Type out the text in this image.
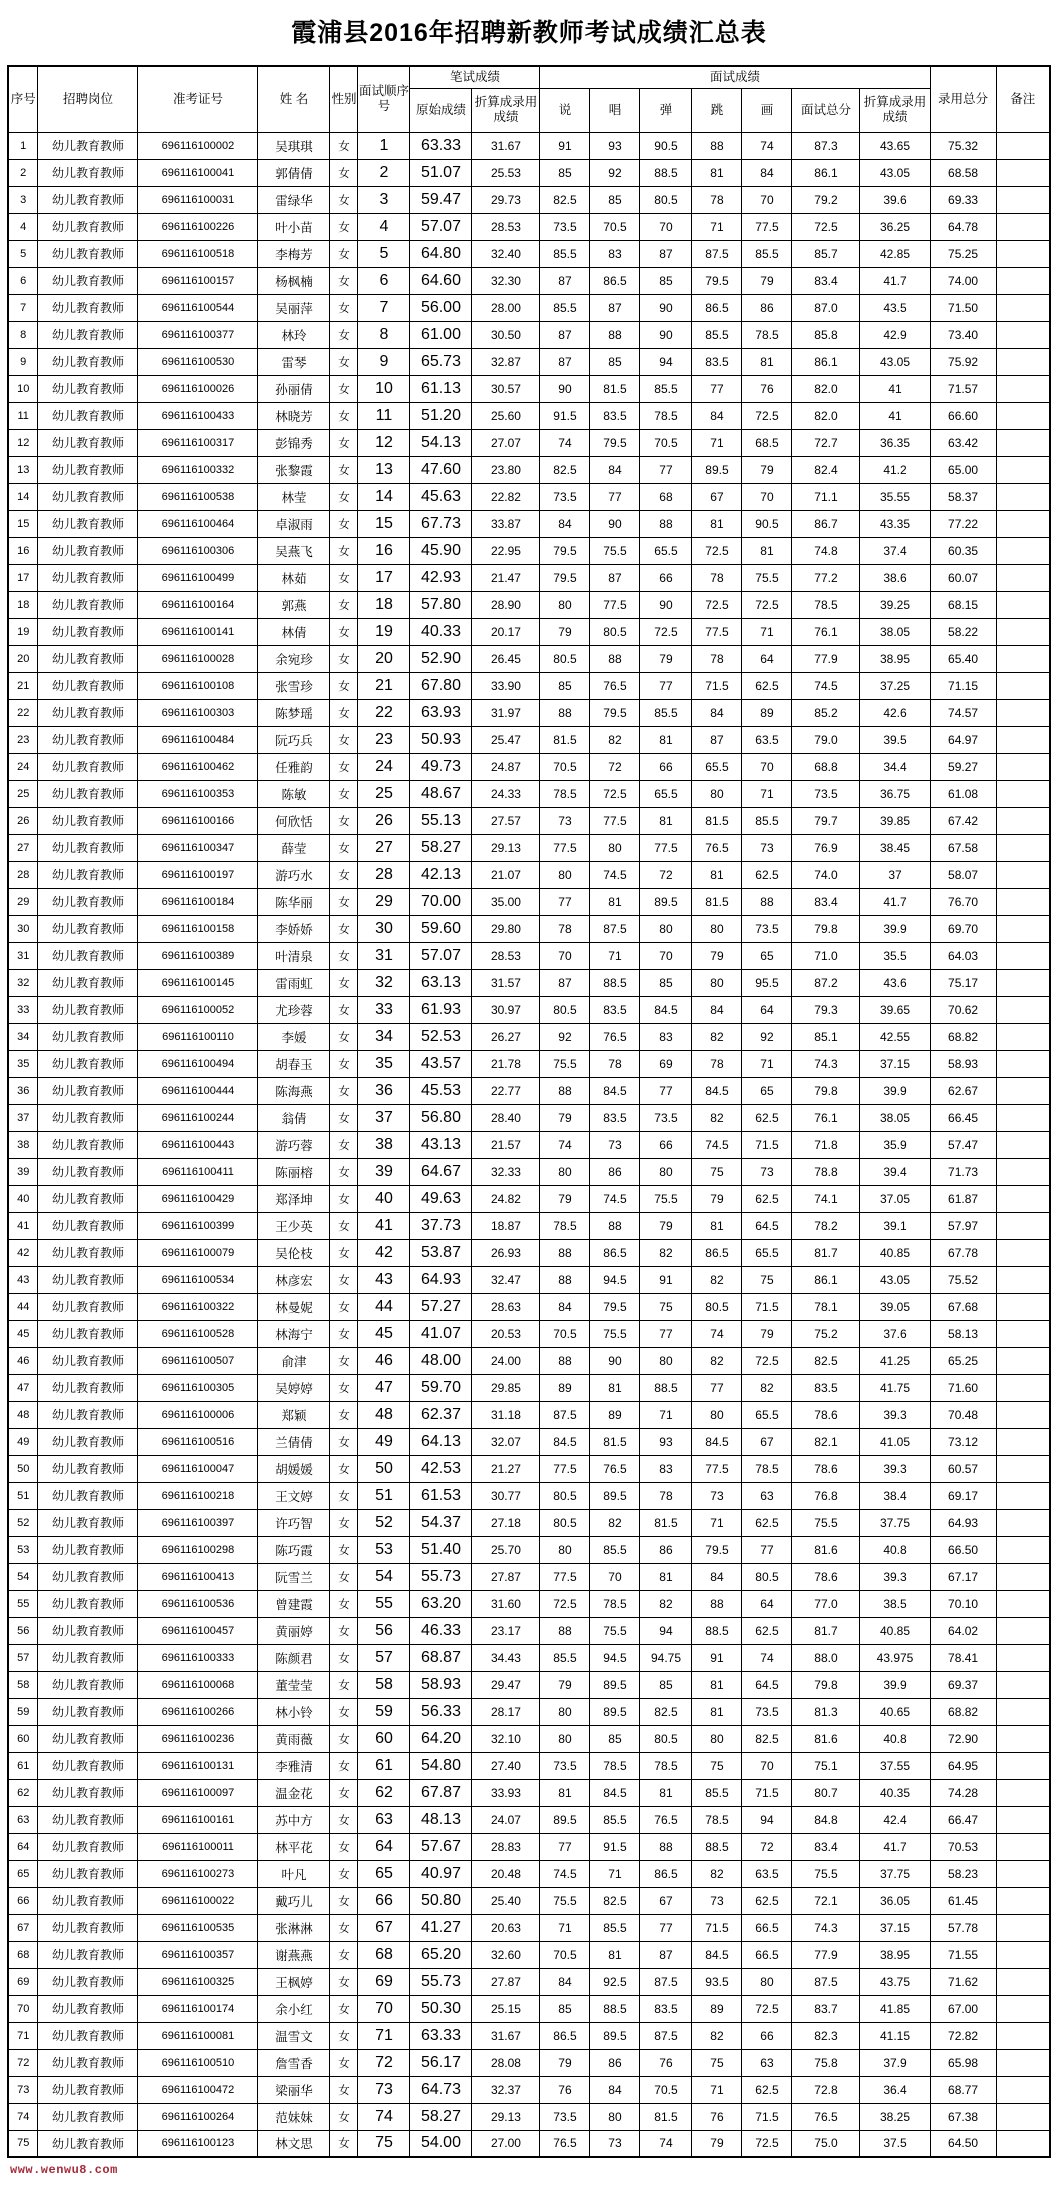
霞浦县2016年招聘新教师考试成绩汇总表
序号	招聘岗位	准考证号	姓 名	性别	面试顺序号	笔试成绩		面试成绩							录用总分	备注
						原始成绩	折算成录用成绩	说	唱	弹	跳	画	面试总分	折算成录用成绩		
1	幼儿教育教师	696116100002	吴琪琪	女	1	63.33	31.67	91	93	90.5	88	74	87.3	43.65	75.32	
2	幼儿教育教师	696116100041	郭倩倩	女	2	51.07	25.53	85	92	88.5	81	84	86.1	43.05	68.58	
3	幼儿教育教师	696116100031	雷绿华	女	3	59.47	29.73	82.5	85	80.5	78	70	79.2	39.6	69.33	
4	幼儿教育教师	696116100226	叶小苗	女	4	57.07	28.53	73.5	70.5	70	71	77.5	72.5	36.25	64.78	
5	幼儿教育教师	696116100518	李梅芳	女	5	64.80	32.40	85.5	83	87	87.5	85.5	85.7	42.85	75.25	
6	幼儿教育教师	696116100157	杨枫楠	女	6	64.60	32.30	87	86.5	85	79.5	79	83.4	41.7	74.00	
7	幼儿教育教师	696116100544	吴丽萍	女	7	56.00	28.00	85.5	87	90	86.5	86	87.0	43.5	71.50	
8	幼儿教育教师	696116100377	林玲	女	8	61.00	30.50	87	88	90	85.5	78.5	85.8	42.9	73.40	
9	幼儿教育教师	696116100530	雷琴	女	9	65.73	32.87	87	85	94	83.5	81	86.1	43.05	75.92	
10	幼儿教育教师	696116100026	孙丽倩	女	10	61.13	30.57	90	81.5	85.5	77	76	82.0	41	71.57	
11	幼儿教育教师	696116100433	林晓芳	女	11	51.20	25.60	91.5	83.5	78.5	84	72.5	82.0	41	66.60	
12	幼儿教育教师	696116100317	彭锦秀	女	12	54.13	27.07	74	79.5	70.5	71	68.5	72.7	36.35	63.42	
13	幼儿教育教师	696116100332	张黎霞	女	13	47.60	23.80	82.5	84	77	89.5	79	82.4	41.2	65.00	
14	幼儿教育教师	696116100538	林莹	女	14	45.63	22.82	73.5	77	68	67	70	71.1	35.55	58.37	
15	幼儿教育教师	696116100464	卓淑雨	女	15	67.73	33.87	84	90	88	81	90.5	86.7	43.35	77.22	
16	幼儿教育教师	696116100306	吴燕飞	女	16	45.90	22.95	79.5	75.5	65.5	72.5	81	74.8	37.4	60.35	
17	幼儿教育教师	696116100499	林茹	女	17	42.93	21.47	79.5	87	66	78	75.5	77.2	38.6	60.07	
18	幼儿教育教师	696116100164	郭燕	女	18	57.80	28.90	80	77.5	90	72.5	72.5	78.5	39.25	68.15	
19	幼儿教育教师	696116100141	林倩	女	19	40.33	20.17	79	80.5	72.5	77.5	71	76.1	38.05	58.22	
20	幼儿教育教师	696116100028	余宛珍	女	20	52.90	26.45	80.5	88	79	78	64	77.9	38.95	65.40	
21	幼儿教育教师	696116100108	张雪珍	女	21	67.80	33.90	85	76.5	77	71.5	62.5	74.5	37.25	71.15	
22	幼儿教育教师	696116100303	陈梦瑶	女	22	63.93	31.97	88	79.5	85.5	84	89	85.2	42.6	74.57	
23	幼儿教育教师	696116100484	阮巧兵	女	23	50.93	25.47	81.5	82	81	87	63.5	79.0	39.5	64.97	
24	幼儿教育教师	696116100462	任雅韵	女	24	49.73	24.87	70.5	72	66	65.5	70	68.8	34.4	59.27	
25	幼儿教育教师	696116100353	陈敏	女	25	48.67	24.33	78.5	72.5	65.5	80	71	73.5	36.75	61.08	
26	幼儿教育教师	696116100166	何欣恬	女	26	55.13	27.57	73	77.5	81	81.5	85.5	79.7	39.85	67.42	
27	幼儿教育教师	696116100347	薛莹	女	27	58.27	29.13	77.5	80	77.5	76.5	73	76.9	38.45	67.58	
28	幼儿教育教师	696116100197	游巧水	女	28	42.13	21.07	80	74.5	72	81	62.5	74.0	37	58.07	
29	幼儿教育教师	696116100184	陈华丽	女	29	70.00	35.00	77	81	89.5	81.5	88	83.4	41.7	76.70	
30	幼儿教育教师	696116100158	李娇娇	女	30	59.60	29.80	78	87.5	80	80	73.5	79.8	39.9	69.70	
31	幼儿教育教师	696116100389	叶清泉	女	31	57.07	28.53	70	71	70	79	65	71.0	35.5	64.03	
32	幼儿教育教师	696116100145	雷雨虹	女	32	63.13	31.57	87	88.5	85	80	95.5	87.2	43.6	75.17	
33	幼儿教育教师	696116100052	尤珍蓉	女	33	61.93	30.97	80.5	83.5	84.5	84	64	79.3	39.65	70.62	
34	幼儿教育教师	696116100110	李媛	女	34	52.53	26.27	92	76.5	83	82	92	85.1	42.55	68.82	
35	幼儿教育教师	696116100494	胡春玉	女	35	43.57	21.78	75.5	78	69	78	71	74.3	37.15	58.93	
36	幼儿教育教师	696116100444	陈海燕	女	36	45.53	22.77	88	84.5	77	84.5	65	79.8	39.9	62.67	
37	幼儿教育教师	696116100244	翁倩	女	37	56.80	28.40	79	83.5	73.5	82	62.5	76.1	38.05	66.45	
38	幼儿教育教师	696116100443	游巧蓉	女	38	43.13	21.57	74	73	66	74.5	71.5	71.8	35.9	57.47	
39	幼儿教育教师	696116100411	陈丽榕	女	39	64.67	32.33	80	86	80	75	73	78.8	39.4	71.73	
40	幼儿教育教师	696116100429	郑泽坤	女	40	49.63	24.82	79	74.5	75.5	79	62.5	74.1	37.05	61.87	
41	幼儿教育教师	696116100399	王少英	女	41	37.73	18.87	78.5	88	79	81	64.5	78.2	39.1	57.97	
42	幼儿教育教师	696116100079	吴伦枝	女	42	53.87	26.93	88	86.5	82	86.5	65.5	81.7	40.85	67.78	
43	幼儿教育教师	696116100534	林彦宏	女	43	64.93	32.47	88	94.5	91	82	75	86.1	43.05	75.52	
44	幼儿教育教师	696116100322	林曼妮	女	44	57.27	28.63	84	79.5	75	80.5	71.5	78.1	39.05	67.68	
45	幼儿教育教师	696116100528	林海宁	女	45	41.07	20.53	70.5	75.5	77	74	79	75.2	37.6	58.13	
46	幼儿教育教师	696116100507	俞津	女	46	48.00	24.00	88	90	80	82	72.5	82.5	41.25	65.25	
47	幼儿教育教师	696116100305	吴婷婷	女	47	59.70	29.85	89	81	88.5	77	82	83.5	41.75	71.60	
48	幼儿教育教师	696116100006	郑颖	女	48	62.37	31.18	87.5	89	71	80	65.5	78.6	39.3	70.48	
49	幼儿教育教师	696116100516	兰倩倩	女	49	64.13	32.07	84.5	81.5	93	84.5	67	82.1	41.05	73.12	
50	幼儿教育教师	696116100047	胡媛媛	女	50	42.53	21.27	77.5	76.5	83	77.5	78.5	78.6	39.3	60.57	
51	幼儿教育教师	696116100218	王文婷	女	51	61.53	30.77	80.5	89.5	78	73	63	76.8	38.4	69.17	
52	幼儿教育教师	696116100397	许巧智	女	52	54.37	27.18	80.5	82	81.5	71	62.5	75.5	37.75	64.93	
53	幼儿教育教师	696116100298	陈巧霞	女	53	51.40	25.70	80	85.5	86	79.5	77	81.6	40.8	66.50	
54	幼儿教育教师	696116100413	阮雪兰	女	54	55.73	27.87	77.5	70	81	84	80.5	78.6	39.3	67.17	
55	幼儿教育教师	696116100536	曾建霞	女	55	63.20	31.60	72.5	78.5	82	88	64	77.0	38.5	70.10	
56	幼儿教育教师	696116100457	黄丽婷	女	56	46.33	23.17	88	75.5	94	88.5	62.5	81.7	40.85	64.02	
57	幼儿教育教师	696116100333	陈颜君	女	57	68.87	34.43	85.5	94.5	94.75	91	74	88.0	43.975	78.41	
58	幼儿教育教师	696116100068	董莹莹	女	58	58.93	29.47	79	89.5	85	81	64.5	79.8	39.9	69.37	
59	幼儿教育教师	696116100266	林小铃	女	59	56.33	28.17	80	89.5	82.5	81	73.5	81.3	40.65	68.82	
60	幼儿教育教师	696116100236	黄雨薇	女	60	64.20	32.10	80	85	80.5	80	82.5	81.6	40.8	72.90	
61	幼儿教育教师	696116100131	李雅清	女	61	54.80	27.40	73.5	78.5	78.5	75	70	75.1	37.55	64.95	
62	幼儿教育教师	696116100097	温金花	女	62	67.87	33.93	81	84.5	81	85.5	71.5	80.7	40.35	74.28	
63	幼儿教育教师	696116100161	苏中方	女	63	48.13	24.07	89.5	85.5	76.5	78.5	94	84.8	42.4	66.47	
64	幼儿教育教师	696116100011	林平花	女	64	57.67	28.83	77	91.5	88	88.5	72	83.4	41.7	70.53	
65	幼儿教育教师	696116100273	叶凡	女	65	40.97	20.48	74.5	71	86.5	82	63.5	75.5	37.75	58.23	
66	幼儿教育教师	696116100022	戴巧儿	女	66	50.80	25.40	75.5	82.5	67	73	62.5	72.1	36.05	61.45	
67	幼儿教育教师	696116100535	张淋淋	女	67	41.27	20.63	71	85.5	77	71.5	66.5	74.3	37.15	57.78	
68	幼儿教育教师	696116100357	谢燕燕	女	68	65.20	32.60	70.5	81	87	84.5	66.5	77.9	38.95	71.55	
69	幼儿教育教师	696116100325	王枫婷	女	69	55.73	27.87	84	92.5	87.5	93.5	80	87.5	43.75	71.62	
70	幼儿教育教师	696116100174	余小红	女	70	50.30	25.15	85	88.5	83.5	89	72.5	83.7	41.85	67.00	
71	幼儿教育教师	696116100081	温雪文	女	71	63.33	31.67	86.5	89.5	87.5	82	66	82.3	41.15	72.82	
72	幼儿教育教师	696116100510	詹雪香	女	72	56.17	28.08	79	86	76	75	63	75.8	37.9	65.98	
73	幼儿教育教师	696116100472	梁丽华	女	73	64.73	32.37	76	84	70.5	71	62.5	72.8	36.4	68.77	
74	幼儿教育教师	696116100264	范妹妹	女	74	58.27	29.13	73.5	80	81.5	76	71.5	76.5	38.25	67.38	
75	幼儿教育教师	696116100123	林文思	女	75	54.00	27.00	76.5	73	74	79	72.5	75.0	37.5	64.50	
www.wenwu8.com
